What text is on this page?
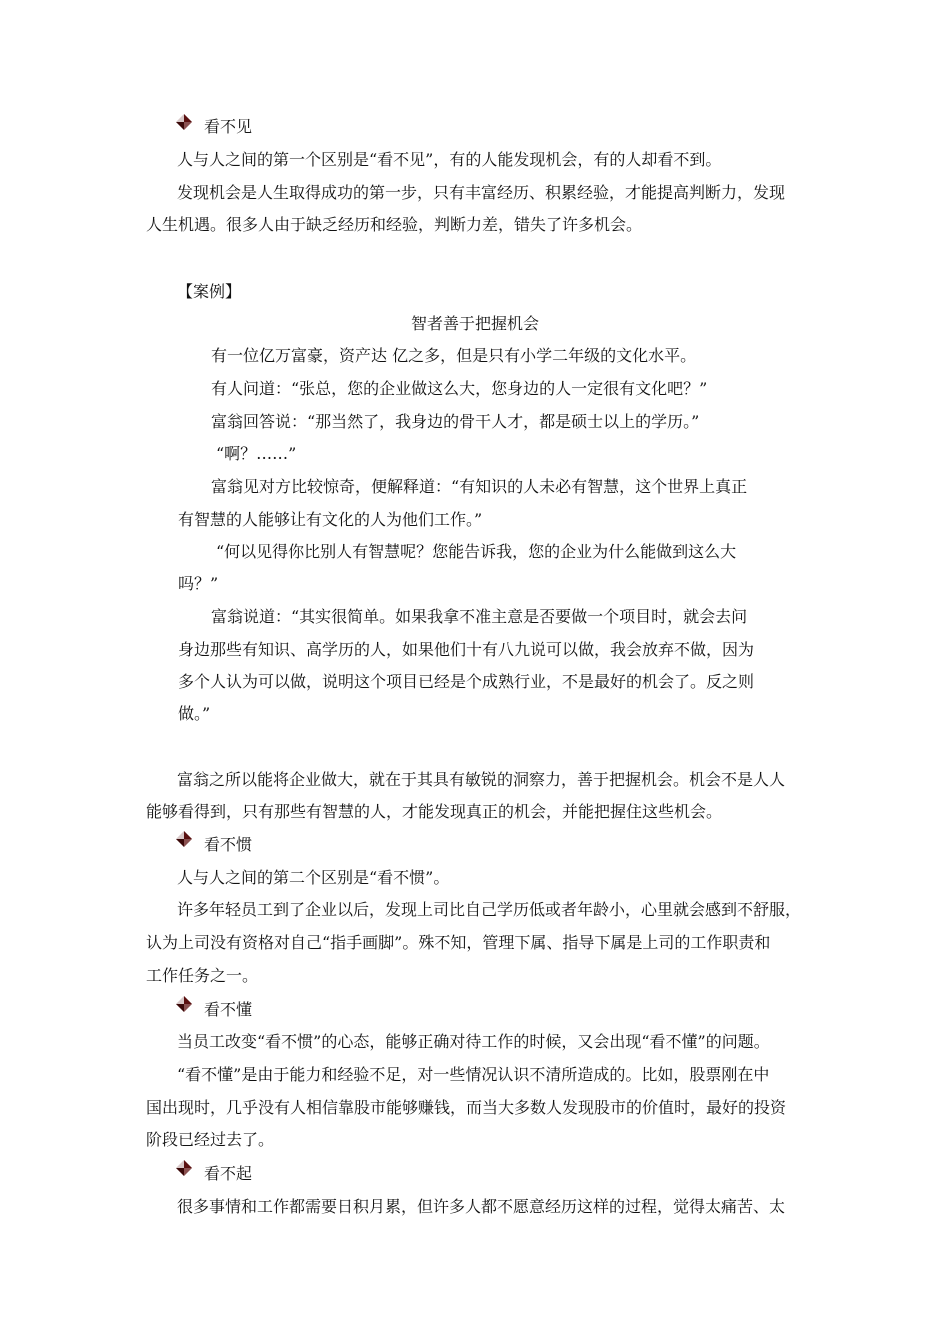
看不见
人与人之间的第一个区别是“看不见”，有的人能发现机会，有的人却看不到。
发现机会是人生取得成功的第一步，只有丰富经历、积累经验，才能提高判断力，发现
人生机遇。很多人由于缺乏经历和经验，判断力差，错失了许多机会。
【案例】
智者善于把握机会
有一位亿万富豪，资产达 亿之多，但是只有小学二年级的文化水平。
有人问道：“张总，您的企业做这么大，您身边的人一定很有文化吧？”
富翁回答说：“那当然了，我身边的骨干人才，都是硕士以上的学历。”
“啊？……”
富翁见对方比较惊奇，便解释道：“有知识的人未必有智慧，这个世界上真正
有智慧的人能够让有文化的人为他们工作。”
“何以见得你比别人有智慧呢？您能告诉我，您的企业为什么能做到这么大
吗？”
富翁说道：“其实很简单。如果我拿不准主意是否要做一个项目时，就会去问
身边那些有知识、高学历的人，如果他们十有八九说可以做，我会放弃不做，因为
多个人认为可以做，说明这个项目已经是个成熟行业，不是最好的机会了。反之则
做。”
富翁之所以能将企业做大，就在于其具有敏锐的洞察力，善于把握机会。机会不是人人
能够看得到，只有那些有智慧的人，才能发现真正的机会，并能把握住这些机会。
看不惯
人与人之间的第二个区别是“看不惯”。
许多年轻员工到了企业以后，发现上司比自己学历低或者年龄小，心里就会感到不舒服，
认为上司没有资格对自己“指手画脚”。殊不知，管理下属、指导下属是上司的工作职责和
工作任务之一。
看不懂
当员工改变“看不惯”的心态，能够正确对待工作的时候，又会出现“看不懂”的问题。
“看不懂”是由于能力和经验不足，对一些情况认识不清所造成的。比如，股票刚在中
国出现时，几乎没有人相信靠股市能够赚钱，而当大多数人发现股市的价值时，最好的投资
阶段已经过去了。
看不起
很多事情和工作都需要日积月累，但许多人都不愿意经历这样的过程，觉得太痛苦、太
